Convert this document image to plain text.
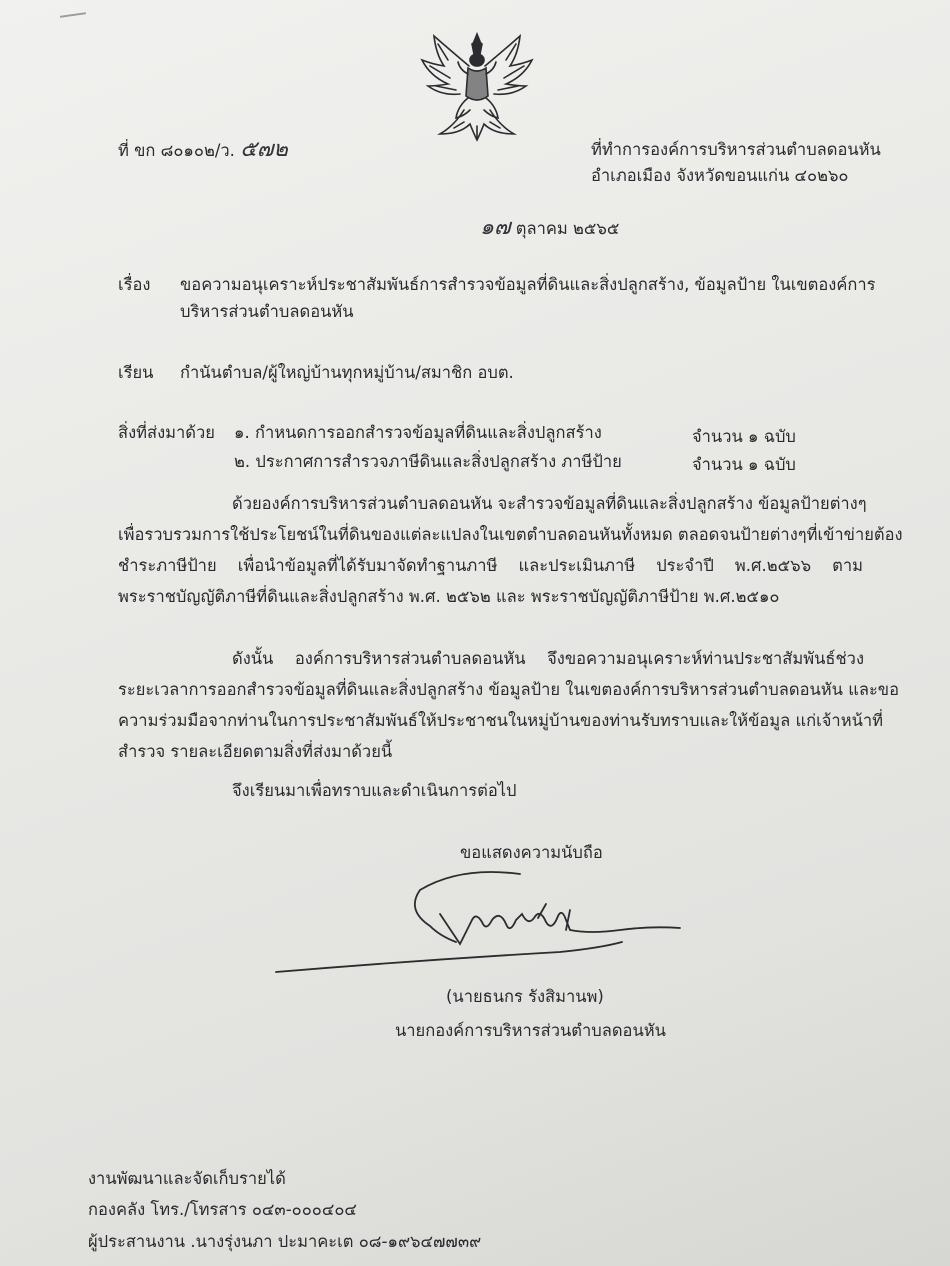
ที่ ขก ๘๐๑๐๒/ว. ๕๗๒	ที่ทำการองค์การบริหารส่วนตำบลดอนหัน
อำเภอเมือง จังหวัดขอนแก่น ๔๐๒๖๐
๑๗ ตุลาคม ๒๕๖๕
เรื่อง ขอความอนุเคราะห์ประชาสัมพันธ์การสำรวจข้อมูลที่ดินและสิ่งปลูกสร้าง, ข้อมูลป้าย ในเขตองค์การ
บริหารส่วนตำบลดอนหัน
เรียน กำนันตำบล/ผู้ใหญ่บ้านทุกหมู่บ้าน/สมาชิก อบต.
สิ่งที่ส่งมาด้วย ๑. กำหนดการออกสำรวจข้อมูลที่ดินและสิ่งปลูกสร้าง	จำนวน ๑ ฉบับ
๒. ประกาศการสำรวจภาษีดินและสิ่งปลูกสร้าง ภาษีป้าย	จำนวน ๑ ฉบับ
ด้วยองค์การบริหารส่วนตำบลดอนหัน จะสำรวจข้อมูลที่ดินและสิ่งปลูกสร้าง ข้อมูลป้ายต่างๆ
เพื่อรวบรวมการใช้ประโยชน์ในที่ดินของแต่ละแปลงในเขตตำบลดอนหันทั้งหมด ตลอดจนป้ายต่างๆที่เข้าข่ายต้อง
ชำระภาษีป้าย เพื่อนำข้อมูลที่ได้รับมาจัดทำฐานภาษี และประเมินภาษี ประจำปี พ.ศ.๒๕๖๖ ตาม
พระราชบัญญัติภาษีที่ดินและสิ่งปลูกสร้าง พ.ศ. ๒๕๖๒ และ พระราชบัญญัติภาษีป้าย พ.ศ.๒๕๑๐
ดังนั้น องค์การบริหารส่วนตำบลดอนหัน จึงขอความอนุเคราะห์ท่านประชาสัมพันธ์ช่วง
ระยะเวลาการออกสำรวจข้อมูลที่ดินและสิ่งปลูกสร้าง ข้อมูลป้าย ในเขตองค์การบริหารส่วนตำบลดอนหัน และขอ
ความร่วมมือจากท่านในการประชาสัมพันธ์ให้ประชาชนในหมู่บ้านของท่านรับทราบและให้ข้อมูล แก่เจ้าหน้าที่
สำรวจ รายละเอียดตามสิ่งที่ส่งมาด้วยนี้
จึงเรียนมาเพื่อทราบและดำเนินการต่อไป
ขอแสดงความนับถือ
(นายธนกร รังสิมานพ)
นายกองค์การบริหารส่วนตำบลดอนหัน
งานพัฒนาและจัดเก็บรายได้
กองคลัง โทร./โทรสาร ๐๔๓-๐๐๐๔๐๔
ผู้ประสานงาน .นางรุ่งนภา ปะมาคะเต ๐๘-๑๙๖๔๗๗๓๙
